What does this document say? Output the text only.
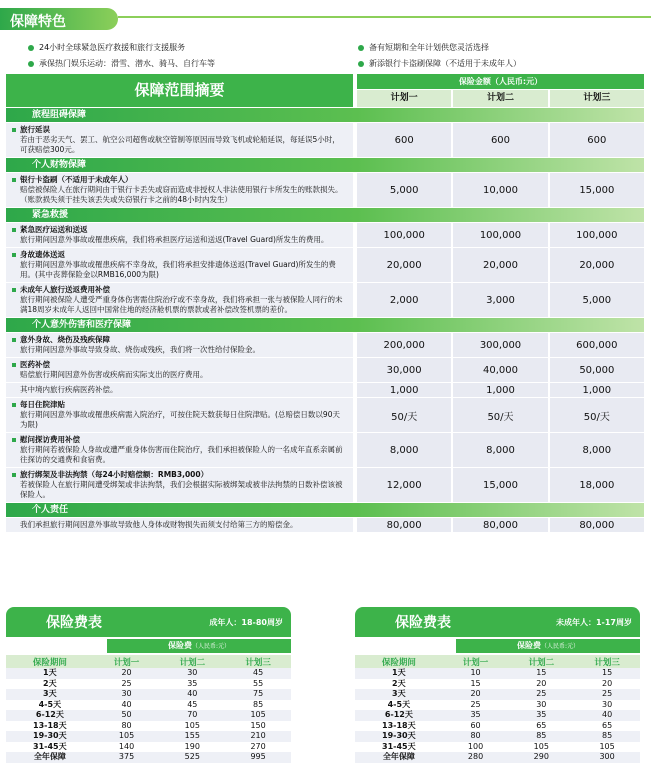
保障特色
24小时全球紧急医疗救援和旅行支援服务
承保热门娱乐运动：滑雪、潜水、骑马、自行车等
备有短期和全年计划供您灵活选择
新添银行卡盗刷保障（不适用于未成年人）
保障范围摘要	保险金额（人民币:元）
计划一	计划二	计划三
旅程阻碍保障
旅行延误
若由于恶劣天气、罢工、航空公司超售或航空管制等原因而导致飞机或轮船延误，每延误5小时，可获赔偿300元。
600	600	600
个人财物保障
银行卡盗刷（不适用于未成年人）
赔偿被保险人在旅行期间由于银行卡丢失或窃而造成非授权人非法使用银行卡所发生的账款损失。（账款损失须于挂失该丢失或失窃银行卡之前的48小时内发生）
5,000	10,000	15,000
紧急救援
紧急医疗运送和送返
旅行期间因意外事故或罹患疾病，我们将承担医疗运送和送返(Travel Guard)所发生的费用。	100,000	100,000	100,000
身故遗体送返
旅行期间因意外事故或罹患疾病不幸身故，我们将承担安排遗体送返(Travel Guard)所发生的费用。(其中丧葬保险金以RMB16,000为限)
20,000	20,000	20,000
未成年人旅行送返费用补偿
旅行期间被保险人遭受严重身体伤害需住院治疗或不幸身故，我们将承担一张与被保险人同行的未满18周岁未成年人返回中国常住地的经济舱机票的票款或者补偿改签机票的差价。
2,000	3,000	5,000
个人意外伤害和医疗保障
意外身故、烧伤及残疾保障
旅行期间因意外事故导致身故、烧伤或残疾，我们将一次性给付保险金。	200,000	300,000	600,000
医药补偿
赔偿旅行期间因意外伤害或疾病而实际支出的医疗费用。	30,000	40,000	50,000
其中境内旅行疾病医药补偿。	1,000	1,000	1,000
每日住院津贴
旅行期间因意外事故或罹患疾病需入院治疗，可按住院天数获每日住院津贴。(总赔偿日数以90天为限)
50/天	50/天	50/天
慰问探访费用补偿
旅行期间若被保险人身故或遭严重身体伤害而住院治疗，我们承担被保险人的一名成年直系亲属前往探访的交通费和食宿费。
8,000	8,000	8,000
旅行绑架及非法拘禁（每24小时赔偿额：RMB3,000）
若被保险人在旅行期间遭受绑架或非法拘禁，我们会根据实际被绑架或被非法拘禁的日数补偿该被保险人。
12,000	15,000	18,000
个人责任
我们承担旅行期间因意外事故导致他人身体或财物损失而须支付给第三方的赔偿金。	80,000	80,000	80,000
保险费表	成年人：18-80周岁
保险费（人民币:元）
保险期间	计划一	计划二	计划三
1天	20	30	45
2天	25	35	55
3天	30	40	75
4-5天	40	45	85
6-12天	50	70	105
13-18天	80	105	150
19-30天	105	155	210
31-45天	140	190	270
全年保障	375	525	995
保险费表	未成年人：1-17周岁
保险费（人民币:元）
保险期间	计划一	计划二	计划三
1天	10	15	15
2天	15	20	20
3天	20	25	25
4-5天	25	30	30
6-12天	35	35	40
13-18天	60	65	65
19-30天	80	85	85
31-45天	100	105	105
全年保障	280	290	300
